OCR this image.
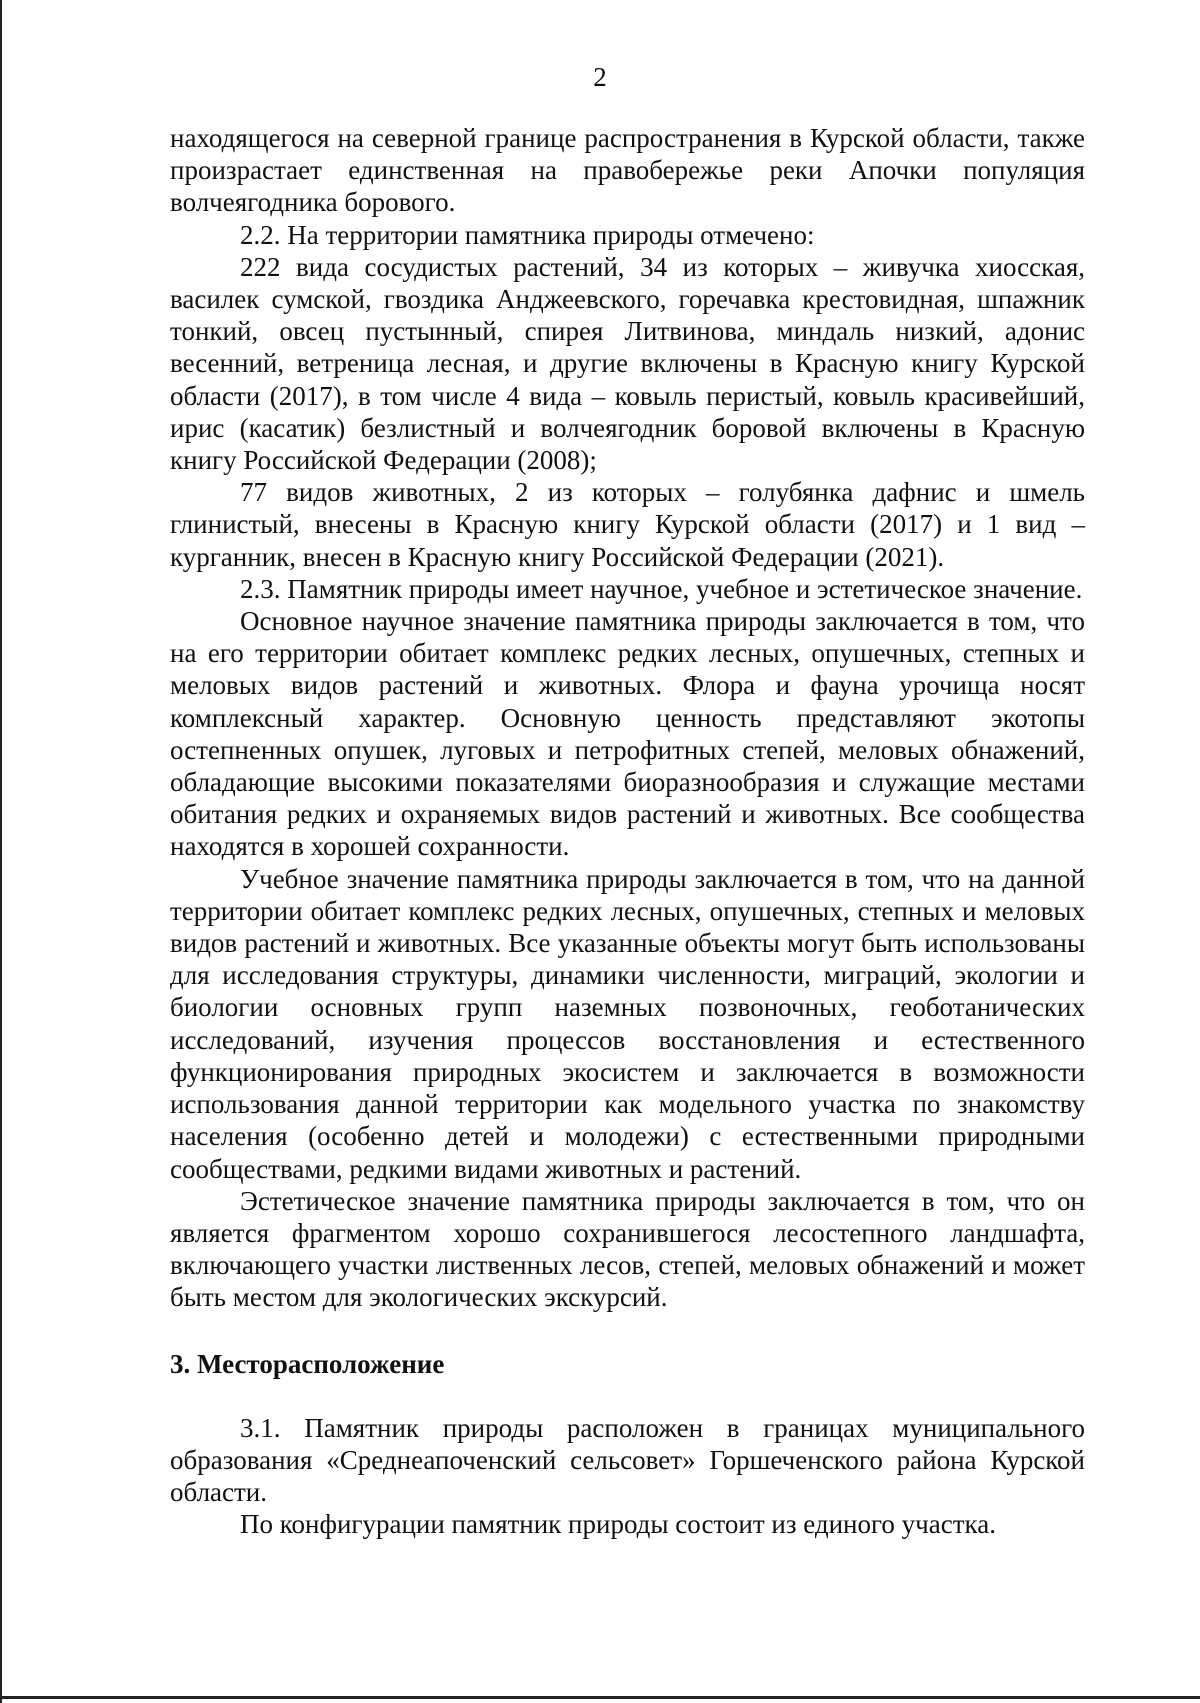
2

находящегося на северной границе распространения в Курской области, также произрастает единственная на правобережье реки Апочки популяция волчеягодника борового.

2.2. На территории памятника природы отмечено:

222 вида сосудистых растений, 34 из которых – живучка хиосская, василек сумской, гвоздика Анджеевского, горечавка крестовидная, шпажник тонкий, овсец пустынный, спирея Литвинова, миндаль низкий, адонис весенний, ветреница лесная, и другие включены в Красную книгу Курской области (2017), в том числе 4 вида – ковыль перистый, ковыль красивейший, ирис (касатик) безлистный и волчеягодник боровой включены в Красную книгу Российской Федерации (2008);

77 видов животных, 2 из которых – голубянка дафнис и шмель глинистый, внесены в Красную книгу Курской области (2017) и 1 вид – курганник, внесен в Красную книгу Российской Федерации (2021).

2.3. Памятник природы имеет научное, учебное и эстетическое значение.

Основное научное значение памятника природы заключается в том, что на его территории обитает комплекс редких лесных, опушечных, степных и меловых видов растений и животных. Флора и фауна урочища носят комплексный характер. Основную ценность представляют экотопы остепненных опушек, луговых и петрофитных степей, меловых обнажений, обладающие высокими показателями биоразнообразия и служащие местами обитания редких и охраняемых видов растений и животных. Все сообщества находятся в хорошей сохранности.

Учебное значение памятника природы заключается в том, что на данной территории обитает комплекс редких лесных, опушечных, степных и меловых видов растений и животных. Все указанные объекты могут быть использованы для исследования структуры, динамики численности, миграций, экологии и биологии основных групп наземных позвоночных, геоботанических исследований, изучения процессов восстановления и естественного функционирования природных экосистем и заключается в возможности использования данной территории как модельного участка по знакомству населения (особенно детей и молодежи) с естественными природными сообществами, редкими видами животных и растений.

Эстетическое значение памятника природы заключается в том, что он является фрагментом хорошо сохранившегося лесостепного ландшафта, включающего участки лиственных лесов, степей, меловых обнажений и может быть местом для экологических экскурсий.

3. Месторасположение

3.1. Памятник природы расположен в границах муниципального образования «Среднеапоченский сельсовет» Горшеченского района Курской области.

По конфигурации памятник природы состоит из единого участка.
